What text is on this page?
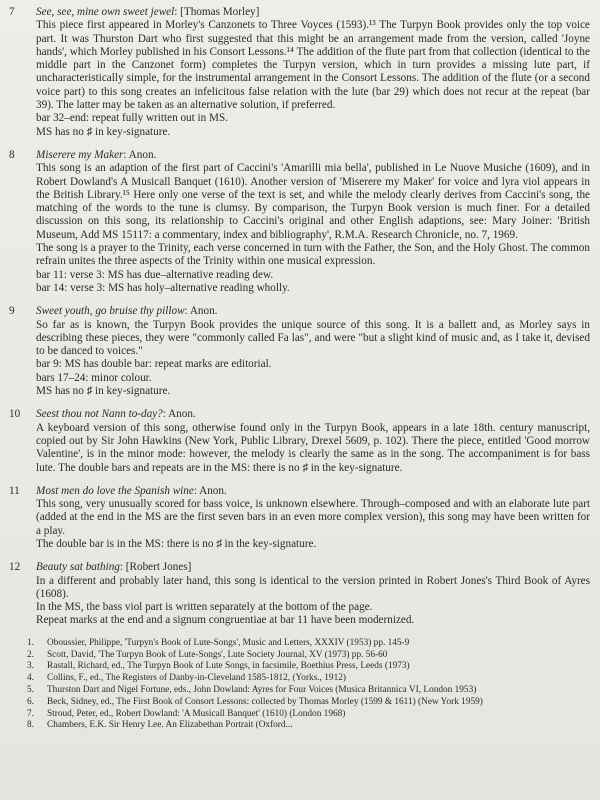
7	See, see, mine own sweet jewel: [Thomas Morley]

This piece first appeared in Morley's Canzonets to Three Voyces (1593).¹³ The Turpyn Book provides only the top voice part. It was Thurston Dart who first suggested that this might be an arrangement made from the version, called 'Joyne hands', which Morley published in his Consort Lessons.¹⁴ The addition of the flute part from that collection (identical to the middle part in the Canzonet form) completes the Turpyn version, which in turn provides a missing lute part, if uncharacteristically simple, for the instrumental arrangement in the Consort Lessons. The addition of the flute (or a second voice part) to this song creates an infelicitous false relation with the lute (bar 29) which does not recur at the repeat (bar 39). The latter may be taken as an alternative solution, if preferred.

bar 32–end: repeat fully written out in MS.

MS has no ♯ in key-signature.

8	Miserere my Maker: Anon.

This song is an adaption of the first part of Caccini's 'Amarilli mia bella', published in Le Nuove Musiche (1609), and in Robert Dowland's A Musicall Banquet (1610). Another version of 'Miserere my Maker' for voice and lyra viol appears in the British Library.¹⁵ Here only one verse of the text is set, and while the melody clearly derives from Caccini's song, the matching of the words to the tune is clumsy. By comparison, the Turpyn Book version is much finer. For a detailed discussion on this song, its relationship to Caccini's original and other English adaptions, see: Mary Joiner: 'British Museum, Add MS 15117: a commentary, index and bibliography', R.M.A. Research Chronicle, no. 7, 1969.

The song is a prayer to the Trinity, each verse concerned in turn with the Father, the Son, and the Holy Ghost. The common refrain unites the three aspects of the Trinity within one musical expression.

bar 11: verse 3: MS has due–alternative reading dew.

bar 14: verse 3: MS has holy–alternative reading wholly.

9	Sweet youth, go bruise thy pillow: Anon.

So far as is known, the Turpyn Book provides the unique source of this song. It is a ballett and, as Morley says in describing these pieces, they were "commonly called Fa las", and were "but a slight kind of music and, as I take it, devised to be danced to voices."

bar 9: MS has double bar: repeat marks are editorial.

bars 17–24: minor colour.

MS has no ♯ in key-signature.

10	Seest thou not Nann to-day?: Anon.

A keyboard version of this song, otherwise found only in the Turpyn Book, appears in a late 18th. century manuscript, copied out by Sir John Hawkins (New York, Public Library, Drexel 5609, p. 102). There the piece, entitled 'Good morrow Valentine', is in the minor mode: however, the melody is clearly the same as in the song. The accompaniment is for bass lute. The double bars and repeats are in the MS: there is no ♯ in the key-signature.

11	Most men do love the Spanish wine: Anon.

This song, very unusually scored for bass voice, is unknown elsewhere. Through–composed and with an elaborate lute part (added at the end in the MS are the first seven bars in an even more complex version), this song may have been written for a play.

The double bar is in the MS: there is no ♯ in the key-signature.

12	Beauty sat bathing: [Robert Jones]

In a different and probably later hand, this song is identical to the version printed in Robert Jones's Third Book of Ayres (1608).

In the MS, the bass viol part is written separately at the bottom of the page.

Repeat marks at the end and a signum congruentiae at bar 11 have been modernized.

1.	Oboussier, Philippe, 'Turpyn's Book of Lute-Songs', Music and Letters, XXXIV (1953) pp. 145-9
2.	Scott, David, 'The Turpyn Book of Lute-Songs', Lute Society Journal, XV (1973) pp. 56-60
3.	Rastall, Richard, ed., The Turpyn Book of Lute Songs, in facsimile, Boethius Press, Leeds (1973)
4.	Collins, F., ed., The Registers of Danby-in-Cleveland 1585-1812, (Yorks., 1912)
5.	Thurston Dart and Nigel Fortune, eds., John Dowland: Ayres for Four Voices (Musica Britannica VI, London 1953)
6.	Beck, Sidney, ed., The First Book of Consort Lessons: collected by Thomas Morley (1599 & 1611) (New York 1959)
7.	Stroud, Peter, ed., Robert Dowland: 'A Musicall Banquet' (1610) (London 1968)
8.	Chambers, E.K. Sir Henry Lee. An Elizabethan Portrait (Oxford...
